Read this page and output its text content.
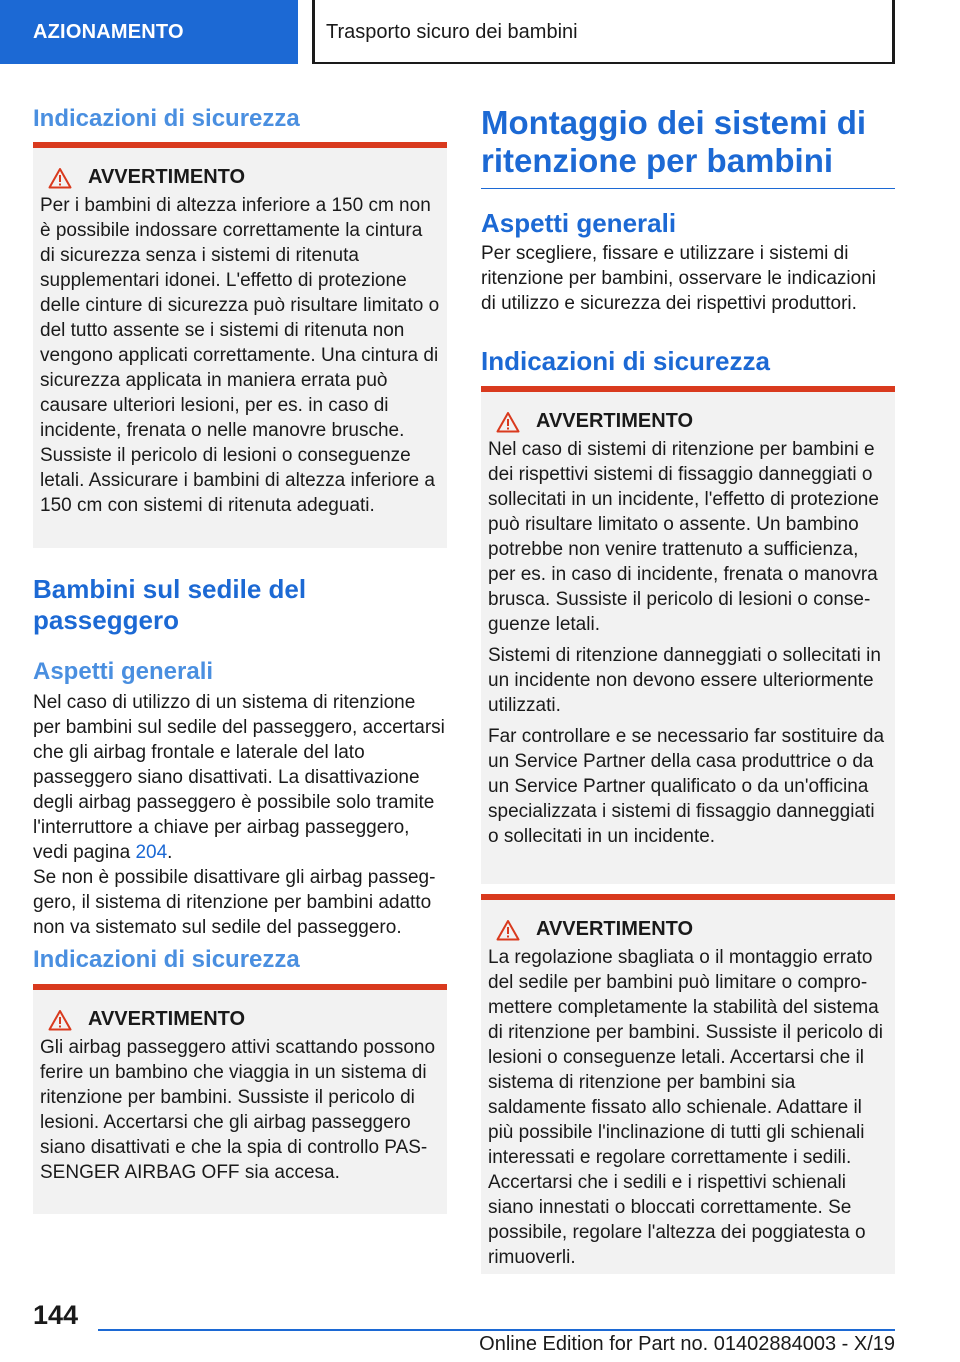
AZIONAMENTO	Trasporto sicuro dei bambini
Indicazioni di sicurezza
AVVERTIMENTO

Per i bambini di altezza inferiore a 150 cm non è possibile indossare correttamente la cintura di sicurezza senza i sistemi di ritenuta supplementari idonei. L'effetto di protezione delle cinture di sicurezza può risultare limitato o del tutto assente se i sistemi di ritenuta non vengono applicati correttamente. Una cintura di sicurezza applicata in maniera errata può causare ulteriori lesioni, per es. in caso di incidente, frenata o nelle manovre brusche. Sussiste il pericolo di lesioni o conseguenze letali. Assicurare i bambini di altezza inferiore a 150 cm con sistemi di ritenuta adeguati.

Bambini sul sedile del passeggero
Aspetti generali

Nel caso di utilizzo di un sistema di ritenzione per bambini sul sedile del passeggero, accertarsi che gli airbag frontale e laterale del lato passeggero siano disattivati. La disattivazione degli airbag passeggero è possibile solo tramite l'interruttore a chiave per airbag passeggero, vedi pagina 204.

Se non è possibile disattivare gli airbag passeggero, il sistema di ritenzione per bambini adatto non va sistemato sul sedile del passeggero.

Indicazioni di sicurezza
AVVERTIMENTO

Gli airbag passeggero attivi scattando possono ferire un bambino che viaggia in un sistema di ritenzione per bambini. Sussiste il pericolo di lesioni. Accertarsi che gli airbag passeggero siano disattivati e che la spia di controllo PASSENGER AIRBAG OFF sia accesa.

Montaggio dei sistemi di ritenzione per bambini
Aspetti generali

Per scegliere, fissare e utilizzare i sistemi di ritenzione per bambini, osservare le indicazioni di utilizzo e sicurezza dei rispettivi produttori.

Indicazioni di sicurezza
AVVERTIMENTO

Nel caso di sistemi di ritenzione per bambini e dei rispettivi sistemi di fissaggio danneggiati o sollecitati in un incidente, l'effetto di protezione può risultare limitato o assente. Un bambino potrebbe non venire trattenuto a sufficienza, per es. in caso di incidente, frenata o manovra brusca. Sussiste il pericolo di lesioni o conseguenze letali.

Sistemi di ritenzione danneggiati o sollecitati in un incidente non devono essere ulteriormente utilizzati.

Far controllare e se necessario far sostituire da un Service Partner della casa produttrice o da un Service Partner qualificato o da un'officina specializzata i sistemi di fissaggio danneggiati o sollecitati in un incidente.

AVVERTIMENTO

La regolazione sbagliata o il montaggio errato del sedile per bambini può limitare o compromettere completamente la stabilità del sistema di ritenzione per bambini. Sussiste il pericolo di lesioni o conseguenze letali. Accertarsi che il sistema di ritenzione per bambini sia saldamente fissato allo schienale. Adattare il più possibile l'inclinazione di tutti gli schienali interessati e regolare correttamente i sedili. Accertarsi che i sedili e i rispettivi schienali siano innestati o bloccati correttamente. Se possibile, regolare l'altezza dei poggiatesta o rimuoverli.

144
Online Edition for Part no. 01402884003 - X/19
